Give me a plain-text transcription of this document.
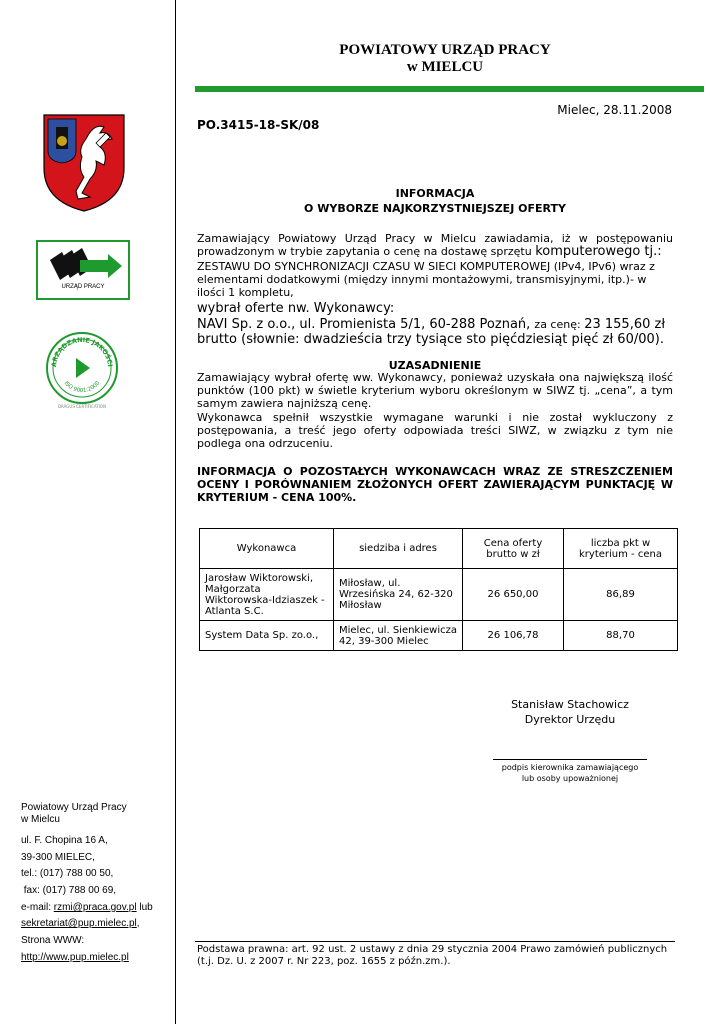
POWIATOWY URZĄD PRACY
w MIELCU
Mielec, 28.11.2008
PO.3415-18-SK/08
URZĄD PRACY
ARZĄDZANIE JAKOŚCI
ISO 9001:2000
DRAGUS CERTIFICATION
INFORMACJA
O WYBORZE NAJKORZYSTNIEJSZEJ OFERTY
Zamawiający Powiatowy Urząd Pracy w Mielcu zawiadamia, iż w postępowaniu prowadzonym w trybie zapytania o cenę na dostawę sprzętu komputerowego tj.:
ZESTAWU DO SYNCHRONIZACJI CZASU W SIECI KOMPUTEROWEJ (IPv4, IPv6) wraz z elementami dodatkowymi (między innymi montażowymi, transmisyjnymi, itp.)- w ilości 1 kompletu,
wybrał oferte nw. Wykonawcy:
NAVI Sp. z o.o., ul. Promienista 5/1, 60-288 Poznań, za cenę: 23 155,60 zł brutto (słownie: dwadzieścia trzy tysiące sto pięćdziesiąt pięć zł 60/00).
UZASADNIENIE
Zamawiający wybrał ofertę ww. Wykonawcy, ponieważ uzyskała ona największą ilość punktów (100 pkt) w świetle kryterium wyboru określonym w SIWZ tj. „cena”, a tym samym zawiera najniższą cenę.
Wykonawca spełnił wszystkie wymagane warunki i nie został wykluczony z postępowania, a treść jego oferty odpowiada treści SIWZ, w związku z tym nie podlega ona odrzuceniu.
INFORMACJA O POZOSTAŁYCH WYKONAWCACH WRAZ ZE STRESZCZENIEM OCENY I PORÓWNANIEM ZŁOŻONYCH OFERT ZAWIERAJĄCYM PUNKTACJĘ W KRYTERIUM - CENA 100%.
Wykonawca	siedziba i adres	Cena oferty brutto w zł	liczba pkt w kryterium - cena
Jarosław Wiktorowski, Małgorzata Wiktorowska-Idziaszek - Atlanta S.C.	Miłosław, ul. Wrzesińska 24, 62-320 Miłosław	26 650,00	86,89
System Data Sp. zo.o.,	Mielec, ul. Sienkiewicza 42, 39-300 Mielec	26 106,78	88,70
Stanisław Stachowicz
Dyrektor Urzędu
podpis kierownika zamawiającego
lub osoby upoważnionej
Powiatowy Urząd Pracy
w Mielcu
ul. F. Chopina 16 A,
39-300 MIELEC,
tel.: (017) 788 00 50,
fax: (017) 788 00 69,
e-mail: rzmi@praca.gov.pl lub
sekretariat@pup.mielec.pl,
Strona WWW:
http://www.pup.mielec.pl
Podstawa prawna: art. 92 ust. 2 ustawy z dnia 29 stycznia 2004 Prawo zamówień publicznych
(t.j. Dz. U. z 2007 r. Nr 223, poz. 1655 z późn.zm.).
